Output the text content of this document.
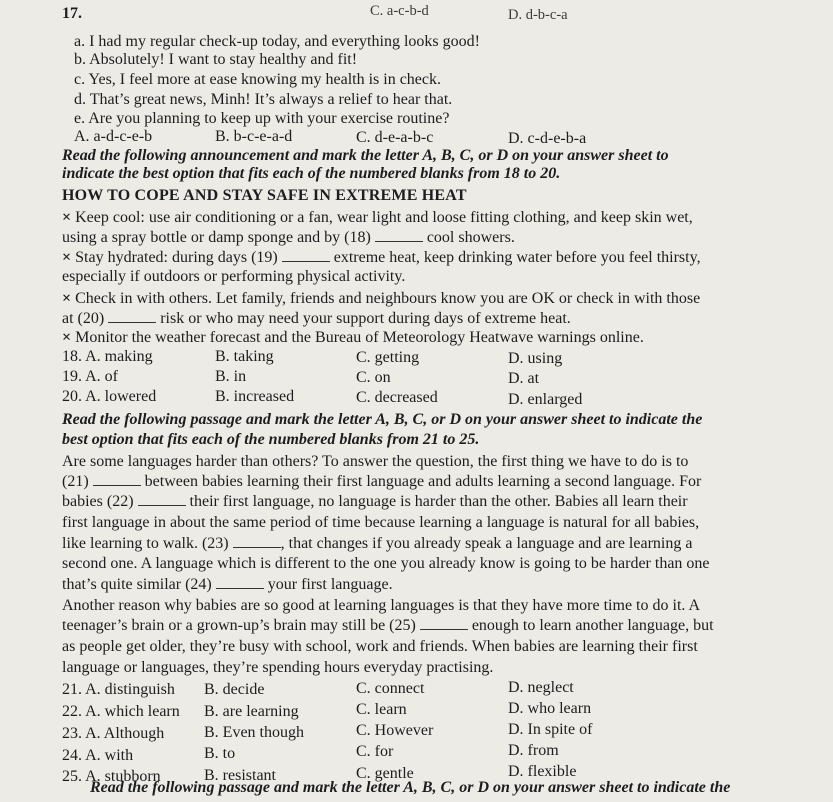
17.	C. a-c-b-d	D. d-b-c-a
a. I had my regular check-up today, and everything looks good!
b. Absolutely! I want to stay healthy and fit!
c. Yes, I feel more at ease knowing my health is in check.
d. That’s great news, Minh! It’s always a relief to hear that.
e. Are you planning to keep up with your exercise routine?
A. a-d-c-e-b	B. b-c-e-a-d	C. d-e-a-b-c	D. c-d-e-b-a
Read the following announcement and mark the letter A, B, C, or D on your answer sheet to
indicate the best option that fits each of the numbered blanks from 18 to 20.
HOW TO COPE AND STAY SAFE IN EXTREME HEAT
× Keep cool: use air conditioning or a fan, wear light and loose fitting clothing, and keep skin wet,
using a spray bottle or damp sponge and by (18)	cool showers.
× Stay hydrated: during days (19)	extreme heat, keep drinking water before you feel thirsty,
especially if outdoors or performing physical activity.
× Check in with others. Let family, friends and neighbours know you are OK or check in with those
at (20)	risk or who may need your support during days of extreme heat.
× Monitor the weather forecast and the Bureau of Meteorology Heatwave warnings online.
18. A. making	B. taking	C. getting	D. using
19. A. of	B. in	C. on	D. at
20. A. lowered	B. increased	C. decreased	D. enlarged
Read the following passage and mark the letter A, B, C, or D on your answer sheet to indicate the
best option that fits each of the numbered blanks from 21 to 25.
Are some languages harder than others? To answer the question, the first thing we have to do is to
(21)	between babies learning their first language and adults learning a second language. For
babies (22)	their first language, no language is harder than the other. Babies all learn their
first language in about the same period of time because learning a language is natural for all babies,
like learning to walk. (23)	, that changes if you already speak a language and are learning a
second one. A language which is different to the one you already know is going to be harder than one
that’s quite similar (24)	your first language.
Another reason why babies are so good at learning languages is that they have more time to do it. A
teenager’s brain or a grown-up’s brain may still be (25)	enough to learn another language, but
as people get older, they’re busy with school, work and friends. When babies are learning their first
language or languages, they’re spending hours everyday practising.
21. A. distinguish B. decide	C. connect	D. neglect
22. A. which learn B. are learning	C. learn	D. who learn
23. A. Although B. Even though	C. However	D. In spite of
24. A. with	B. to	C. for	D. from
25. A. stubborn	B. resistant	C. gentle	D. flexible
Read the following passage and mark the letter A, B, C, or D on your answer sheet to indicate the
